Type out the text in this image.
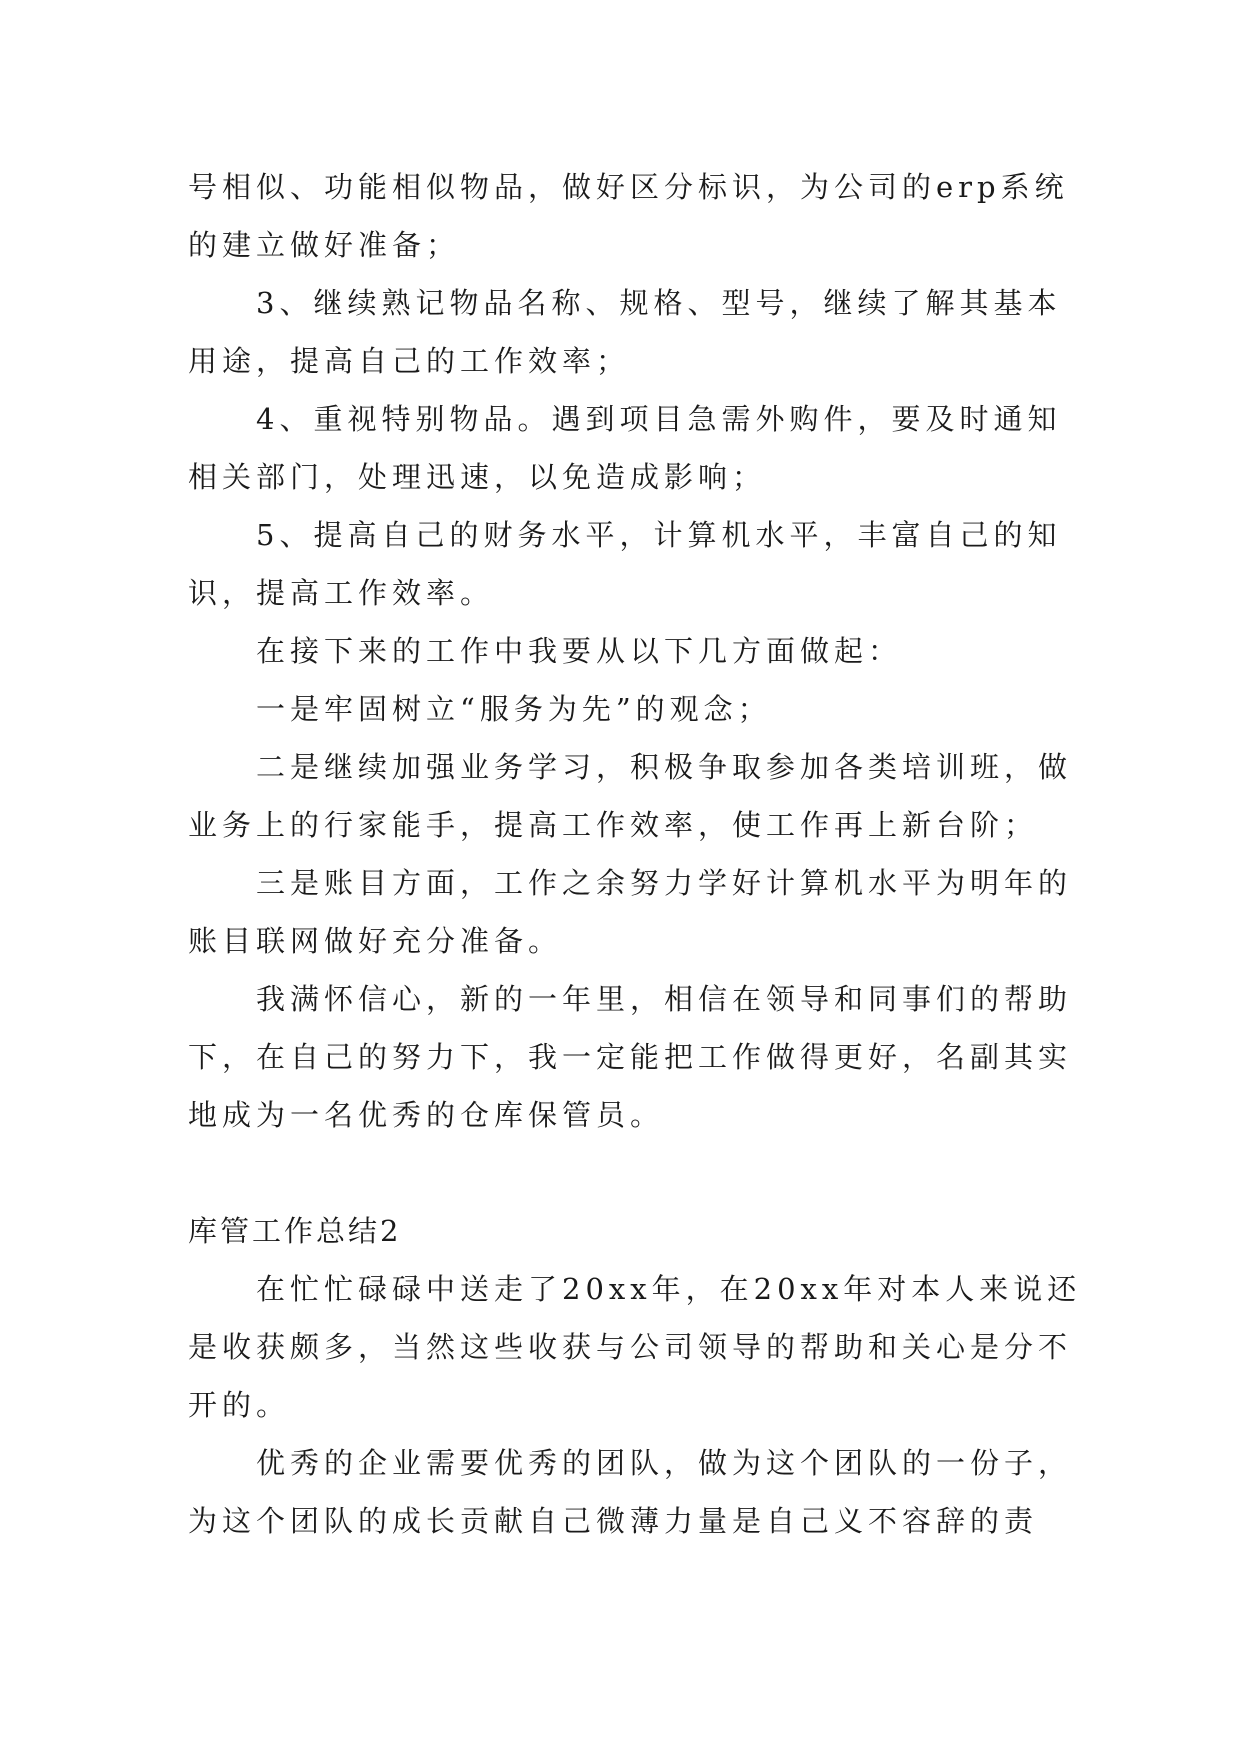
号相似、功能相似物品，做好区分标识，为公司的erp系统
的建立做好准备；
3、继续熟记物品名称、规格、型号，继续了解其基本
用途，提高自己的工作效率；
4、重视特别物品。遇到项目急需外购件，要及时通知
相关部门，处理迅速，以免造成影响；
5、提高自己的财务水平，计算机水平，丰富自己的知
识，提高工作效率。
在接下来的工作中我要从以下几方面做起：
一是牢固树立“服务为先”的观念；
二是继续加强业务学习，积极争取参加各类培训班，做
业务上的行家能手，提高工作效率，使工作再上新台阶；
三是账目方面，工作之余努力学好计算机水平为明年的
账目联网做好充分准备。
我满怀信心，新的一年里，相信在领导和同事们的帮助
下，在自己的努力下，我一定能把工作做得更好，名副其实
地成为一名优秀的仓库保管员。
库管工作总结2
在忙忙碌碌中送走了20xx年，在20xx年对本人来说还
是收获颇多，当然这些收获与公司领导的帮助和关心是分不
开的。
优秀的企业需要优秀的团队，做为这个团队的一份子，
为这个团队的成长贡献自己微薄力量是自己义不容辞的责
